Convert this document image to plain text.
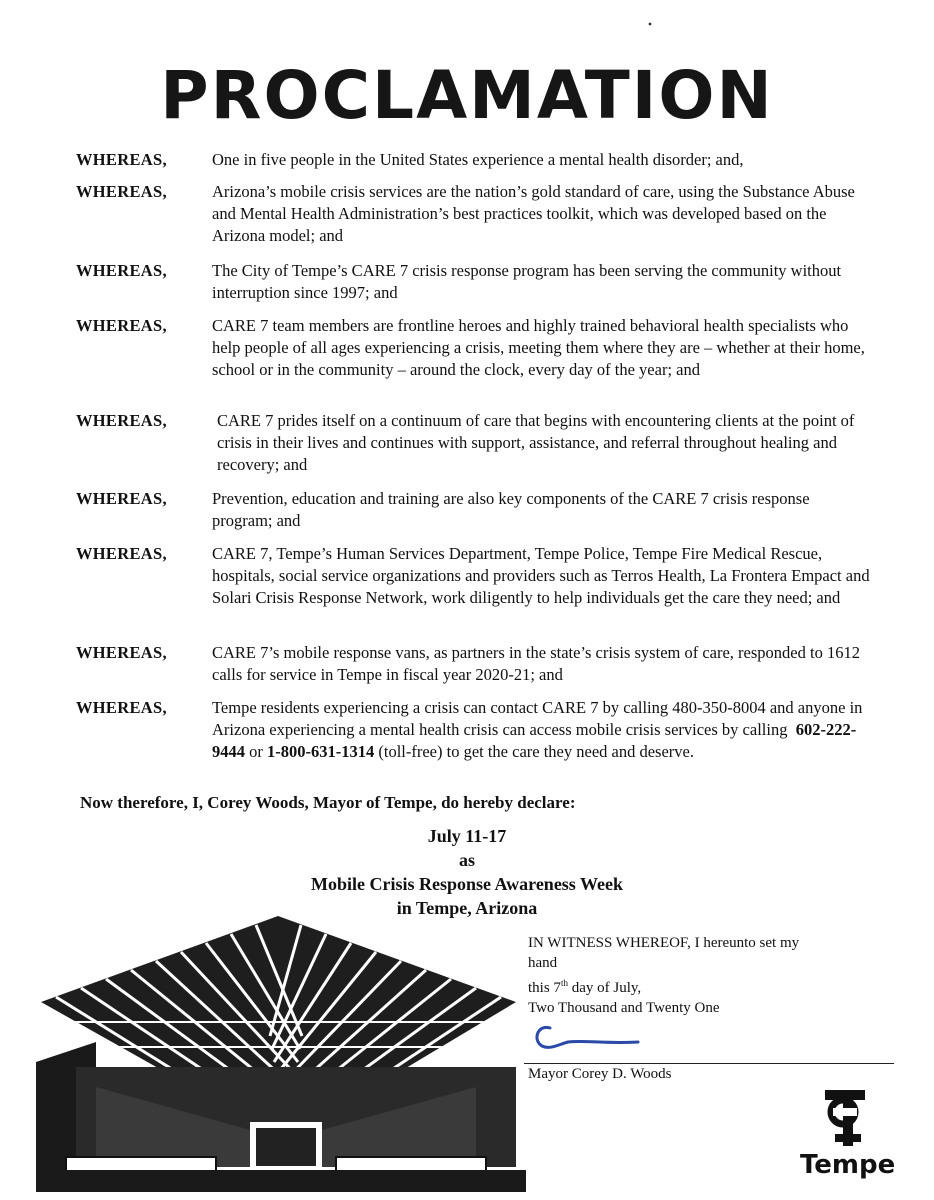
PROCLAMATION
WHEREAS,	One in five people in the United States experience a mental health disorder; and,
WHEREAS,	Arizona’s mobile crisis services are the nation’s gold standard of care, using the Substance Abuse and Mental Health Administration’s best practices toolkit, which was developed based on the Arizona model; and
WHEREAS,	The City of Tempe’s CARE 7 crisis response program has been serving the community without interruption since 1997; and
WHEREAS,	CARE 7 team members are frontline heroes and highly trained behavioral health specialists who help people of all ages experiencing a crisis, meeting them where they are – whether at their home, school or in the community – around the clock, every day of the year; and
WHEREAS,	CARE 7 prides itself on a continuum of care that begins with encountering clients at the point of crisis in their lives and continues with support, assistance, and referral throughout healing and recovery; and
WHEREAS,	Prevention, education and training are also key components of the CARE 7 crisis response program; and
WHEREAS,	CARE 7, Tempe’s Human Services Department, Tempe Police, Tempe Fire Medical Rescue, hospitals, social service organizations and providers such as Terros Health, La Frontera Empact and Solari Crisis Response Network, work diligently to help individuals get the care they need; and
WHEREAS,	CARE 7’s mobile response vans, as partners in the state’s crisis system of care, responded to 1612 calls for service in Tempe in fiscal year 2020-21; and
WHEREAS,	Tempe residents experiencing a crisis can contact CARE 7 by calling 480-350-8004 and anyone in Arizona experiencing a mental health crisis can access mobile crisis services by calling 602-222-9444 or 1-800-631-1314 (toll-free) to get the care they need and deserve.
Now therefore, I, Corey Woods, Mayor of Tempe, do hereby declare:
July 11-17
as
Mobile Crisis Response Awareness Week
in Tempe, Arizona
IN WITNESS WHEREOF, I hereunto set my
hand
this 7th day of July,
Two Thousand and Twenty One
Mayor Corey D. Woods
Tempe
